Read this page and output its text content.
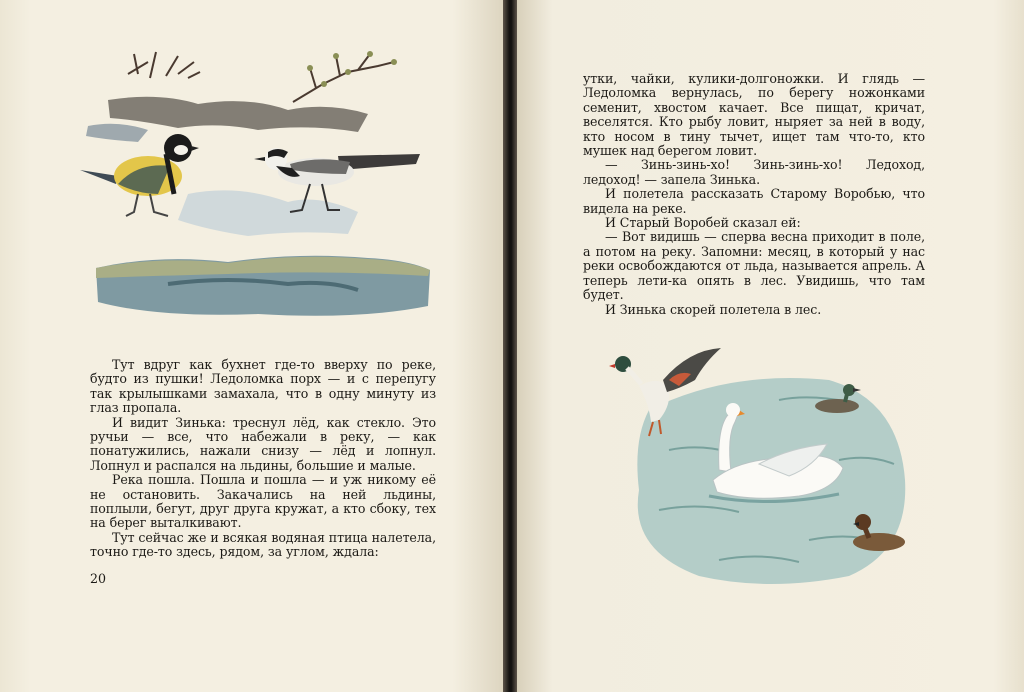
Тут вдруг как бухнет где-то вверху по реке, будто из пушки! Ледоломка порх — и с перепугу так крылышками замахала, что в одну минуту из глаз пропала.

И видит Зинька: треснул лёд, как стекло. Это ручьи — все, что набежали в реку, — как понатужились, нажали снизу — лёд и лопнул. Лопнул и распался на льдины, большие и малые.

Река пошла. Пошла и пошла — и уж никому её не остановить. Закачались на ней льдины, поплыли, бегут, друг друга кружат, а кто сбоку, тех на берег выталкивают.

Тут сейчас же и всякая водяная птица налетела, точно где-то здесь, рядом, за углом, ждала:

20

утки, чайки, кулики-долгоножки. И глядь — Ледоломка вернулась, по берегу ножонками семенит, хвостом качает. Все пищат, кричат, веселятся. Кто рыбу ловит, ныряет за ней в воду, кто носом в тину тычет, ищет там что-то, кто мушек над берегом ловит.

— Зинь-зинь-хо! Зинь-зинь-хо! Ледоход, ледоход! — запела Зинька.

И полетела рассказать Старому Воробью, что видела на реке.

И Старый Воробей сказал ей:

— Вот видишь — сперва весна приходит в поле, а потом на реку. Запомни: месяц, в который у нас реки освобождаются от льда, называется апрель. А теперь лети-ка опять в лес. Увидишь, что там будет.

И Зинька скорей полетела в лес.
